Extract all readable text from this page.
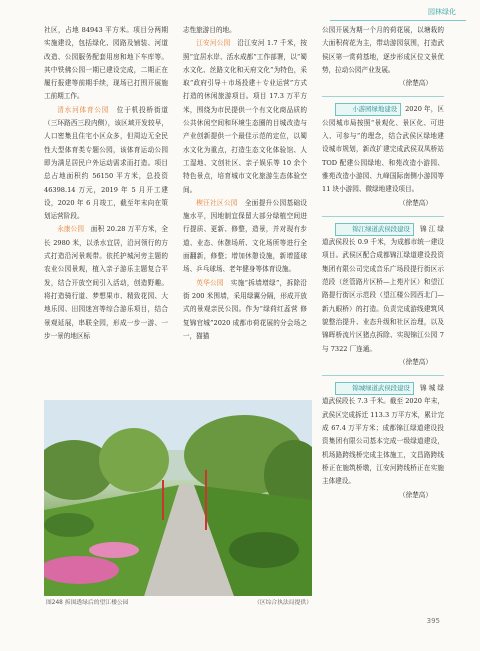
园林绿化

社区，占地 84943 平方米。项目分两期实施建设，包括绿化、园路及铺装、河道改造、公园服务配套用房和地下车库等。其中铁佛公园一期已建设完成，二期正在履行报建等前期手续，现场已打围开展施工前期工作。

清水河体育公园　 位于机投桥街道（三环路西三段内侧），该区域开发较早，人口密集且住宅小区众多，但周边无全民性大型体育类专题公园，该体育运动公园即为满足居民户外运动需求而打造。项目总占地面积约 56150 平方米，总投资 46398.14 万元，2019 年 5 月开工建设，2020 年 6 月竣工，截至年末向在策划运营阶段。

永康公园　 面积 20.28 万平方米，全长 2980 米，以杀水宜居，沿河领行的方式打造沿河景观带。依托护城河旁主题的农业公园景观，植入亲子游乐主题复合平发，结合开放空间引入活动，创造野趣。将打造骑行道、梦想果市、精致花园、大地乐园、田园迷宫等综合游乐项目，结合景观延展，串联全园，形成一步一游、一步一景的地区标

志性旅游目的地。

江安河公园　 沿江安河 1.7 千米，按照“宜居水岸、活水成都”工作部署，以“蜀水文化、丝路文化和天府文化”为特色，采取“政府引导＋市场投建＋专业运营”方式打造的休闲旅游项目。项目 17.3 万平方米，围绕为市民提供一个有文化商品质的公共休闲空间和环境生态圈的目城改造与产业创新提供一个最佳示范的定位，以蜀水文化为重点，打造生态文化体验馆、人工湿地、文创社区、亲子娱乐等 10 余个特色景点，培育城市文化旅游生态体验空间。

楔汪社区公园　 全面提升公园基础设施水平，因地制宜保留大部分绿植空间进行提质、更新、修整，造景，并对现有步道、业态、休憩场所、文化场所等进行全面翻新，修整；增加休憩设施，新增篮球场、乒乓球场、老年健身等体育设施。

英华公园　 实施“拆墙增绿”，拆除沿街 200 米围墙，采用绿翼分隔，形成开放式的景观亲民公园。作为“绿荷红蕊营 修复锦官城”2020 成都市荷花展的分会场之一，猫猫

公园开展为期一个月的荷花展，以塘栽的大面积荷花为主，带动游园氛围，打造武侯区第一赏荷基地，逐步形成区位文景优势，拉动公园产业发展。

（徐楚高）

小游园绿地建设 2020 年，区公园城市局按照“景观化、景区化、可进入、可参与”的理念，结合武侯区绿地建设城市规划，新改扩建完成武侯双凤桥站 TOD 配建公园绿地、和苑改造小游园、雅苑改造小游园、九峰国际南侧小游园等 11 块小游园、微绿地建设项目。

（徐楚高）

锦江绿道武侯段建设 锦江绿道武侯段长 0.9 千米，为成都市统一建设项目。武侯区配合成都锦江绿道建设投资集团有限公司完成音乐广场段提行街区示范段（丝管路片区桥—上苑片区）和望江路提行街区示范段（望江楼公园西北门—新九眼桥）的打造。负责完成游线建筑风貌整治提升、业态升级和社区治理，以及锦晖桥流片区猪点拆除、实现锦江公园 7 与 7322 厂连通。

（徐楚高）

锦城绿道武侯段建设 锦城绿道武侯段长 7.3 千米。截至 2020 年末，武侯区完成拆迁 113.3 万平方米，累计完成 67.4 万平方米；成都锦江绿道建设投资集团有限公司基本完成一级绿道建设，机场路跨线桥完成主体施工，文昌路跨线桥正在施筑桥墩，江安河跨线桥正在实施主体建设。

（徐楚高）
图248 拆围透绿后的望江楼公园	（区综合执法局提供）
395
